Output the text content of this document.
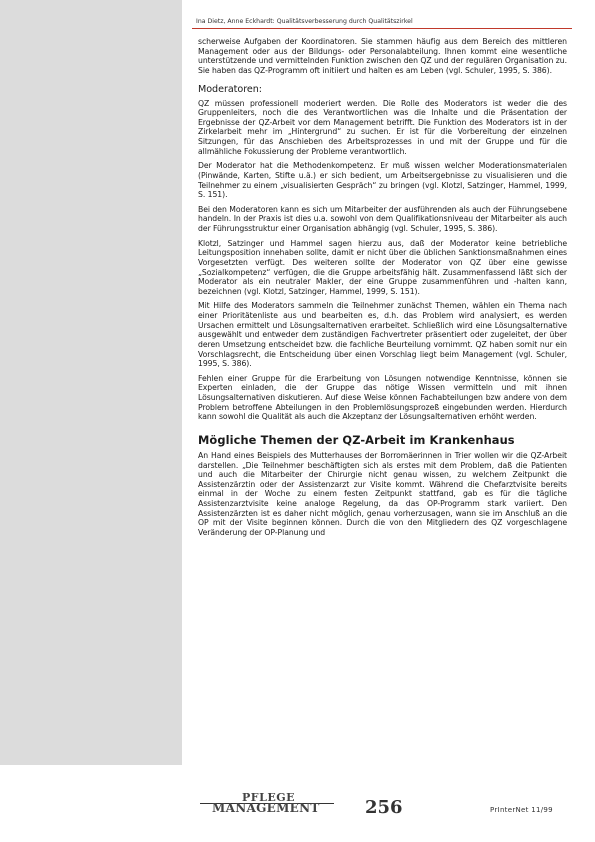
Ina Dietz, Anne Eckhardt: Qualitätsverbesserung durch Qualitätszirkel

scherweise Aufgaben der Koordinatoren. Sie stammen häufig aus dem Bereich des mittleren Management oder aus der Bildungs- oder Personalabteilung. Ihnen kommt eine wesentliche unterstützende und vermittelnden Funktion zwischen den QZ und der regulären Organisation zu. Sie haben das QZ-Programm oft initiiert und halten es am Leben (vgl. Schuler, 1995, S. 386).

Moderatoren:

QZ müssen professionell moderiert werden. Die Rolle des Moderators ist weder die des Gruppenleiters, noch die des Verantwortlichen was die Inhalte und die Präsentation der Ergebnisse der QZ-Arbeit vor dem Management betrifft. Die Funktion des Moderators ist in der Zirkelarbeit mehr im „Hintergrund“ zu suchen. Er ist für die Vorbereitung der einzelnen Sitzungen, für das Anschieben des Arbeitsprozesses in und mit der Gruppe und für die allmähliche Fokussierung der Probleme verantwortlich.

Der Moderator hat die Methodenkompetenz. Er muß wissen welcher Moderationsmaterialen (Pinwände, Karten, Stifte u.ä.) er sich bedient, um Arbeitsergebnisse zu visualisieren und die Teilnehmer zu einem „visualisierten Gespräch“ zu bringen (vgl. Klotzl, Satzinger, Hammel, 1999, S. 151).

Bei den Moderatoren kann es sich um Mitarbeiter der ausführenden als auch der Führungsebene handeln. In der Praxis ist dies u.a. sowohl von dem Qualifikationsniveau der Mitarbeiter als auch der Führungsstruktur einer Organisation abhängig (vgl. Schuler, 1995, S. 386).

Klotzl, Satzinger und Hammel sagen hierzu aus, daß der Moderator keine betriebliche Leitungsposition innehaben sollte, damit er nicht über die üblichen Sanktionsmaßnahmen eines Vorgesetzten verfügt. Des weiteren sollte der Moderator von QZ über eine gewisse „Sozialkompetenz“ verfügen, die die Gruppe arbeitsfähig hält. Zusammenfassend läßt sich der Moderator als ein neutraler Makler, der eine Gruppe zusammenführen und -halten kann, bezeichnen (vgl. Klotzl, Satzinger, Hammel, 1999, S. 151).

Mit Hilfe des Moderators sammeln die Teilnehmer zunächst Themen, wählen ein Thema nach einer Prioritätenliste aus und bearbeiten es, d.h. das Problem wird analysiert, es werden Ursachen ermittelt und Lösungsalternativen erarbeitet. Schließlich wird eine Lösungsalternative ausgewählt und entweder dem zuständigen Fachvertreter präsentiert oder zugeleitet, der über deren Umsetzung entscheidet bzw. die fachliche Beurteilung vornimmt. QZ haben somit nur ein Vorschlagsrecht, die Entscheidung über einen Vorschlag liegt beim Management (vgl. Schuler, 1995, S. 386).

Fehlen einer Gruppe für die Erarbeitung von Lösungen notwendige Kenntnisse, können sie Experten einladen, die der Gruppe das nötige Wissen vermitteln und mit ihnen Lösungsalternativen diskutieren. Auf diese Weise können Fachabteilungen bzw andere von dem Problem betroffene Abteilungen in den Problemlösungsprozeß eingebunden werden. Hierdurch kann sowohl die Qualität als auch die Akzeptanz der Lösungsalternativen erhöht werden.

Mögliche Themen der QZ-Arbeit im Krankenhaus

An Hand eines Beispiels des Mutterhauses der Borromäerinnen in Trier wollen wir die QZ-Arbeit darstellen. „Die Teilnehmer beschäftigten sich als erstes mit dem Problem, daß die Patienten und auch die Mitarbeiter der Chirurgie nicht genau wissen, zu welchem Zeitpunkt die Assistenzärztin oder der Assistenzarzt zur Visite kommt. Während die Chefarztvisite bereits einmal in der Woche zu einem festen Zeitpunkt stattfand, gab es für die tägliche Assistenzarztvisite keine analoge Regelung, da das OP-Programm stark variiert. Den Assistenzärzten ist es daher nicht möglich, genau vorherzusagen, wann sie im Anschluß an die OP mit der Visite beginnen können. Durch die von den Mitgliedern des QZ vorgeschlagene Veränderung der OP-Planung und

PFLEGE
MANAGEMENT	256	PrInterNet 11/99
